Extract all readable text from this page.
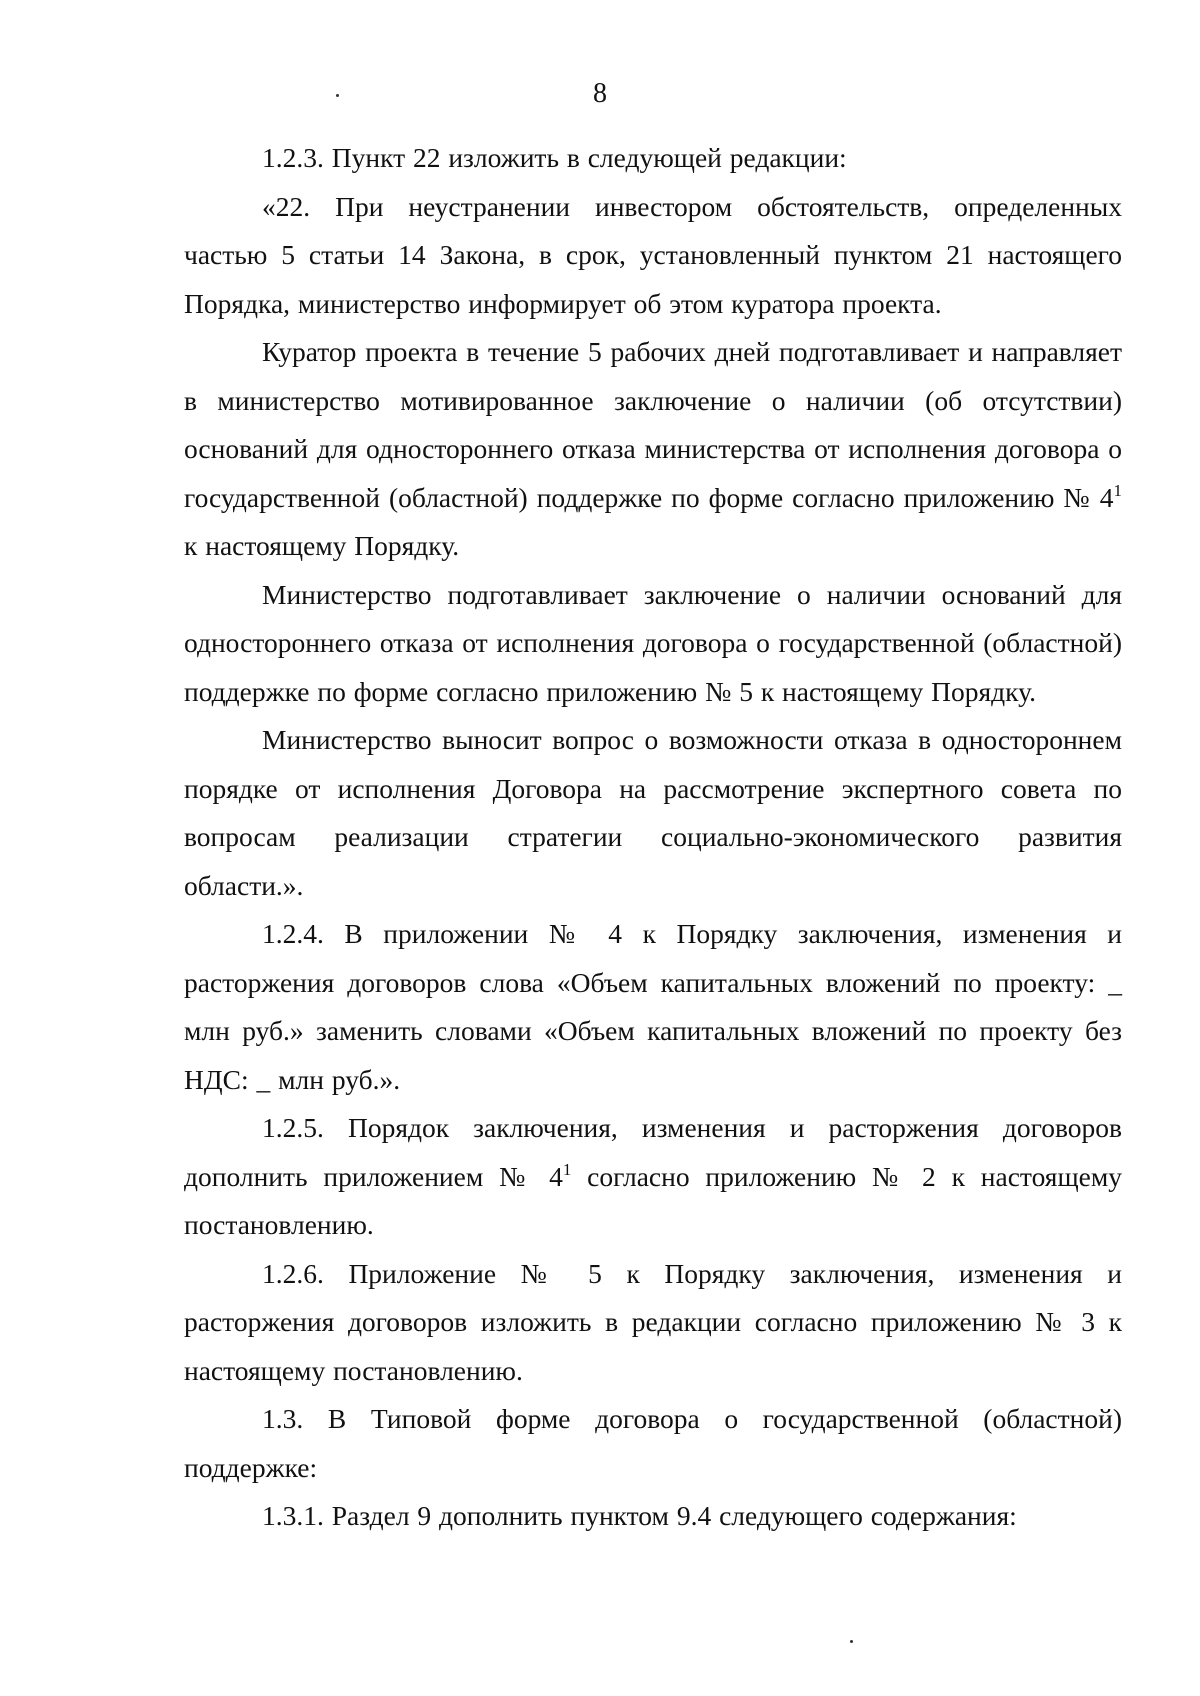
8

1.2.3. Пункт 22 изложить в следующей редакции:

«22. При неустранении инвестором обстоятельств, определенных частью 5 статьи 14 Закона, в срок, установленный пунктом 21 настоящего Порядка, министерство информирует об этом куратора проекта.

Куратор проекта в течение 5 рабочих дней подготавливает и направляет в министерство мотивированное заключение о наличии (об отсутствии) оснований для одностороннего отказа министерства от исполнения договора о государственной (областной) поддержке по форме согласно приложению № $4^1$ к настоящему Порядку.

Министерство подготавливает заключение о наличии оснований для одностороннего отказа от исполнения договора о государственной (областной) поддержке по форме согласно приложению № 5 к настоящему Порядку.

Министерство выносит вопрос о возможности отказа в одностороннем порядке от исполнения Договора на рассмотрение экспертного совета по вопросам реализации стратегии социально-экономического развития области.».

1.2.4. В приложении № 4 к Порядку заключения, изменения и расторжения договоров слова «Объем капитальных вложений по проекту: _ млн руб.» заменить словами «Объем капитальных вложений по проекту без НДС: _ млн руб.».

1.2.5. Порядок заключения, изменения и расторжения договоров дополнить приложением № $4^1$ согласно приложению № 2 к настоящему постановлению.

1.2.6. Приложение № 5 к Порядку заключения, изменения и расторжения договоров изложить в редакции согласно приложению № 3 к настоящему постановлению.

1.3. В Типовой форме договора о государственной (областной) поддержке:

1.3.1. Раздел 9 дополнить пунктом 9.4 следующего содержания:
